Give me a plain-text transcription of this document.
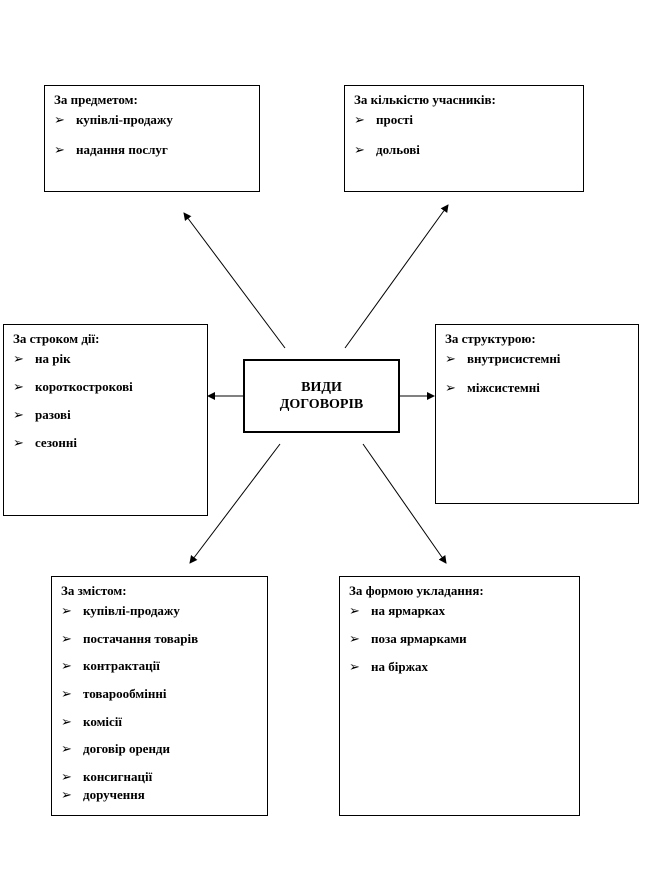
За предметом:
➢ купівлі-продажу
➢ надання послуг
За кількістю учасників:
➢ прості
➢ дольові
За строком дії:
➢ на рік
➢ короткострокові
➢ разові
➢ сезонні
ВИДИ
ДОГОВОРІВ
За структурою:
➢ внутрисистемні
➢ міжсистемні
За змістом:
➢ купівлі-продажу
➢ постачання товарів
➢ контрактації
➢ товарообмінні
➢ комісії
➢ договір оренди
➢ консигнації
➢ доручення
За формою укладання:
➢ на ярмарках
➢ поза ярмарками
➢ на біржах
